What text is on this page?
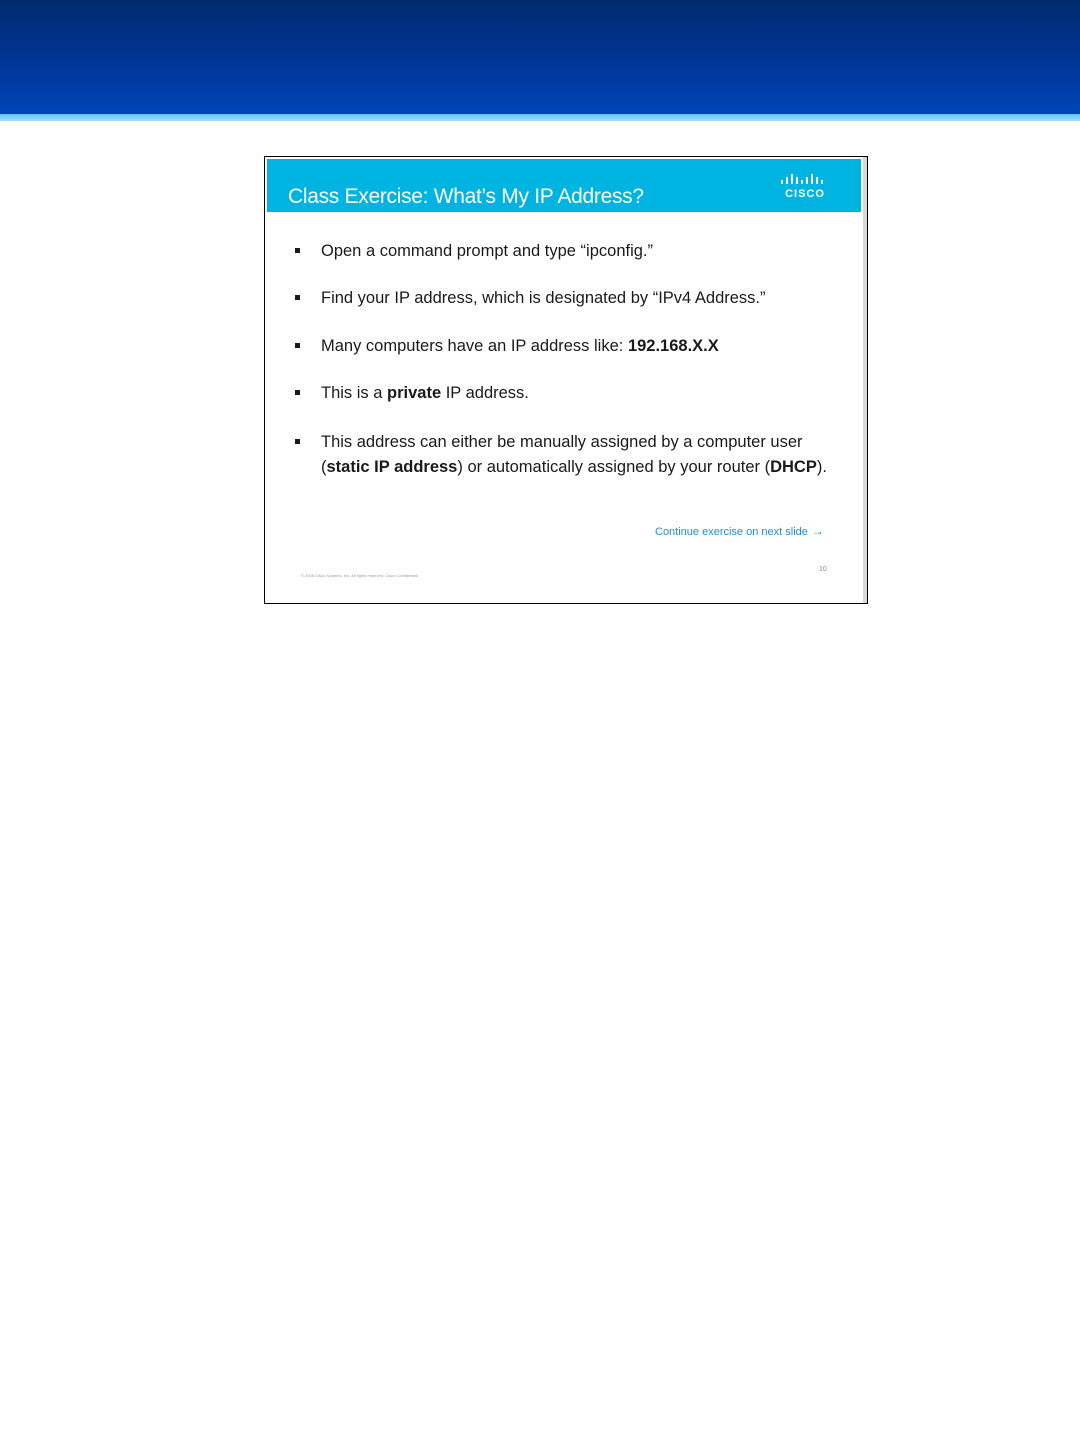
Class Exercise: What’s My IP Address?	CISCO
Open a command prompt and type “ipconfig.”
Find your IP address, which is designated by “IPv4 Address.”
Many computers have an IP address like: 192.168.X.X
This is a private IP address.
This address can either be manually assigned by a computer user (static IP address) or automatically assigned by your router (DHCP).
Continue exercise on next slide →
© 2006 Cisco Systems, Inc. All rights reserved. Cisco Confidential
10
